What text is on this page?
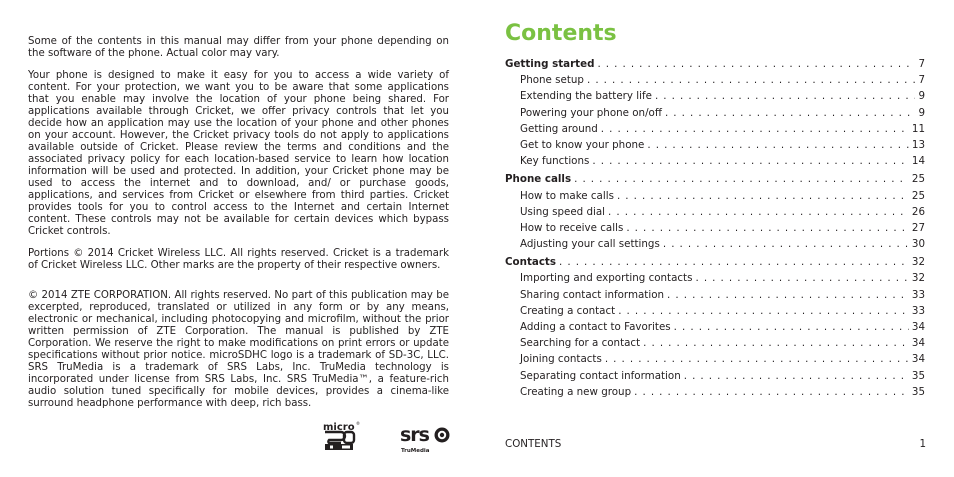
Some of the contents in this manual may differ from your phone depending on the software of the phone. Actual color may vary.

Your phone is designed to make it easy for you to access a wide variety of content. For your protection, we want you to be aware that some applications that you enable may involve the location of your phone being shared. For applications available through Cricket, we offer privacy controls that let you decide how an application may use the location of your phone and other phones on your account. However, the Cricket privacy tools do not apply to applications available outside of Cricket. Please review the terms and conditions and the associated privacy policy for each location-based service to learn how location information will be used and protected. In addition, your Cricket phone may be used to access the internet and to download, and/ or purchase goods, applications, and services from Cricket or elsewhere from third parties. Cricket provides tools for you to control access to the Internet and certain Internet content. These controls may not be available for certain devices which bypass Cricket controls.

Portions © 2014 Cricket Wireless LLC. All rights reserved. Cricket is a trademark of Cricket Wireless LLC. Other marks are the property of their respective owners.

© 2014 ZTE CORPORATION. All rights reserved. No part of this publication may be excerpted, reproduced, translated or utilized in any form or by any means, electronic or mechanical, including photocopying and microfilm, without the prior written permission of ZTE Corporation. The manual is published by ZTE Corporation. We reserve the right to make modifications on print errors or update specifications without prior notice. microSDHC logo is a trademark of SD-3C, LLC. SRS TruMedia is a trademark of SRS Labs, Inc. TruMedia technology is incorporated under license from SRS Labs, Inc. SRS TruMedia™, a feature-rich audio solution tuned specifically for mobile devices, provides a cinema-like surround headphone performance with deep, rich bass.

micro ®
srs
TruMedia
Contents
Getting started . . .	7
Phone setup . . .	7
Extending the battery life . . .	9
Powering your phone on/off . . .	9
Getting around . . .	11
Get to know your phone . . .	13
Key functions . . .	14
Phone calls . . .	25
How to make calls . . .	25
Using speed dial . . .	26
How to receive calls . . .	27
Adjusting your call settings . . .	30
Contacts . . .	32
Importing and exporting contacts . . .	32
Sharing contact information . . .	33
Creating a contact . . .	33
Adding a contact to Favorites . . .	34
Searching for a contact . . .	34
Joining contacts . . .	34
Separating contact information . . .	35
Creating a new group . . .	35
CONTENTS	1
